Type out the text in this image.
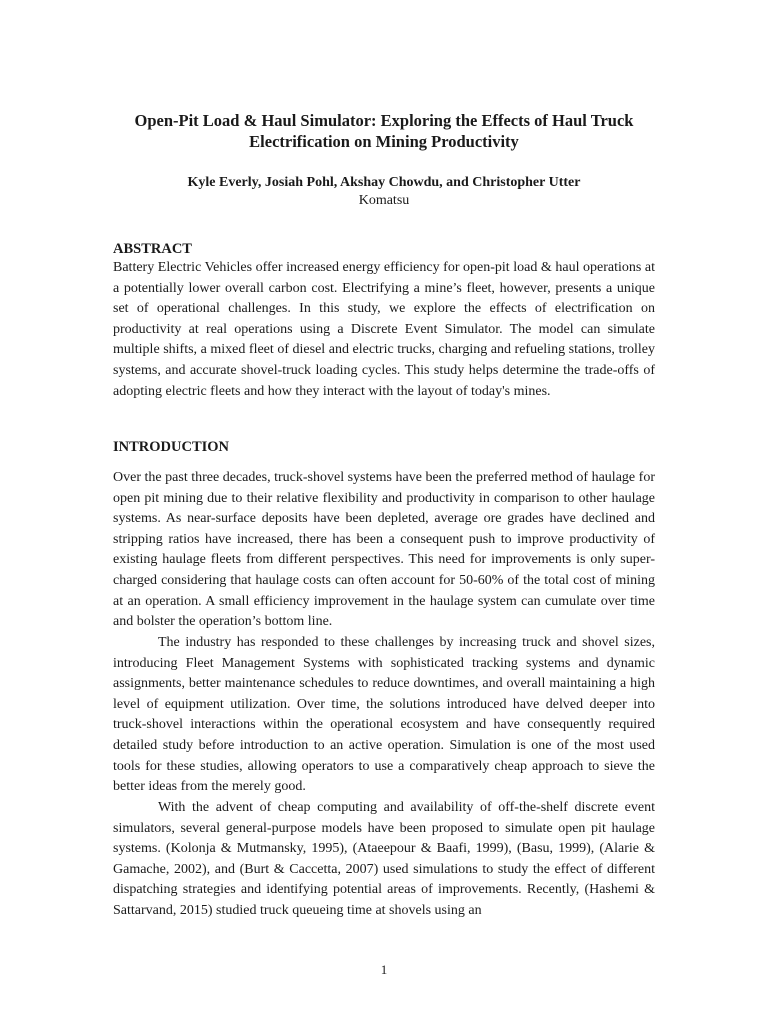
Open-Pit Load & Haul Simulator: Exploring the Effects of Haul Truck Electrification on Mining Productivity
Kyle Everly, Josiah Pohl, Akshay Chowdu, and Christopher Utter
Komatsu
ABSTRACT

Battery Electric Vehicles offer increased energy efficiency for open-pit load & haul operations at a potentially lower overall carbon cost. Electrifying a mine’s fleet, however, presents a unique set of operational challenges. In this study, we explore the effects of electrification on productivity at real operations using a Discrete Event Simulator. The model can simulate multiple shifts, a mixed fleet of diesel and electric trucks, charging and refueling stations, trolley systems, and accurate shovel-truck loading cycles. This study helps determine the trade-offs of adopting electric fleets and how they interact with the layout of today's mines.

INTRODUCTION

Over the past three decades, truck-shovel systems have been the preferred method of haulage for open pit mining due to their relative flexibility and productivity in comparison to other haulage systems. As near-surface deposits have been depleted, average ore grades have declined and stripping ratios have increased, there has been a consequent push to improve productivity of existing haulage fleets from different perspectives. This need for improvements is only super-charged considering that haulage costs can often account for 50-60% of the total cost of mining at an operation. A small efficiency improvement in the haulage system can cumulate over time and bolster the operation’s bottom line.

The industry has responded to these challenges by increasing truck and shovel sizes, introducing Fleet Management Systems with sophisticated tracking systems and dynamic assignments, better maintenance schedules to reduce downtimes, and overall maintaining a high level of equipment utilization. Over time, the solutions introduced have delved deeper into truck-shovel interactions within the operational ecosystem and have consequently required detailed study before introduction to an active operation. Simulation is one of the most used tools for these studies, allowing operators to use a comparatively cheap approach to sieve the better ideas from the merely good.

With the advent of cheap computing and availability of off-the-shelf discrete event simulators, several general-purpose models have been proposed to simulate open pit haulage systems. (Kolonja & Mutmansky, 1995), (Ataeepour & Baafi, 1999), (Basu, 1999), (Alarie & Gamache, 2002), and (Burt & Caccetta, 2007) used simulations to study the effect of different dispatching strategies and identifying potential areas of improvements. Recently, (Hashemi & Sattarvand, 2015) studied truck queueing time at shovels using an

1
